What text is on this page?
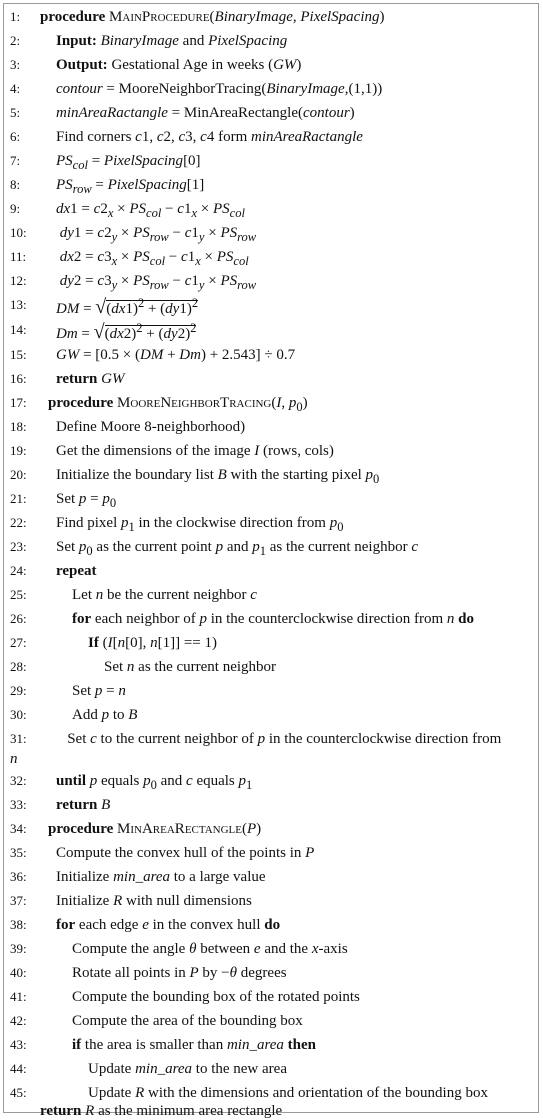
1:	procedure MainProcedure(BinaryImage, PixelSpacing)
2:	Input: BinaryImage and PixelSpacing
3:	Output: Gestational Age in weeks (GW)
4:	contour = MooreNeighborTracing(BinaryImage,(1,1))
5:	minAreaRactangle = MinAreaRectangle(contour)
6:	Find corners c1, c2, c3, c4 form minAreaRactangle
7:	$PS_{col}$ = PixelSpacing[0]
8:	$PS_{row}$ = PixelSpacing[1]
9:	$dx1 = c2_x \times PS_{col} - c1_x \times PS_{col}$
10:	$dy1 = c2_y \times PS_{row} - c1_y \times PS_{row}$
11:	$dx2 = c3_x \times PS_{col} - c1_x \times PS_{col}$
12:	$dy2 = c3_y \times PS_{row} - c1_y \times PS_{row}$
13:	DM = $√(dx1)^2 + (dy1)^2$
14:	$Dm = √(dx2)^2 + (dy2)^2$
15:	GW = [0.5 × (DM + Dm) + 2.543] ÷ 0.7
16:	return GW
17:	procedure MooreNeighborTracing(I, $p_0$)
18:	Define Moore 8-neighborhood)
19:	Get the dimensions of the image I (rows, cols)
20:	Initialize the boundary list B with the starting pixel $p_0$
21:	Set $p = p_0$
22:	Find pixel $p_1$ in the clockwise direction from $p_0$
23:	Set $p_0$ as the current point p and $p_1$ as the current neighbor c
24:	repeat
25:	Let n be the current neighbor c
26:	for each neighbor of p in the counterclockwise direction from n do
27:	If (I[n[0], n[1]] == 1)
28:	Set n as the current neighbor
29:	Set p = n
30:	Add p to B
31:	Set c to the current neighbor of p in the counterclockwise direction from
n
32:	until p equals $p_0$ and c equals $p_1$
33:	return B
34:	procedure MinAreaRectangle(P)
35:	Compute the convex hull of the points in P
36:	Initialize min_area to a large value
37:	Initialize R with null dimensions
38:	for each edge e in the convex hull do
39:	Compute the angle θ between e and the x-axis
40:	Rotate all points in P by −θ degrees
41:	Compute the bounding box of the rotated points
42:	Compute the area of the bounding box
43:	if the area is smaller than min_area then
44:	Update min_area to the new area
45:	Update R with the dimensions and orientation of the bounding box
return R as the minimum area rectangle
